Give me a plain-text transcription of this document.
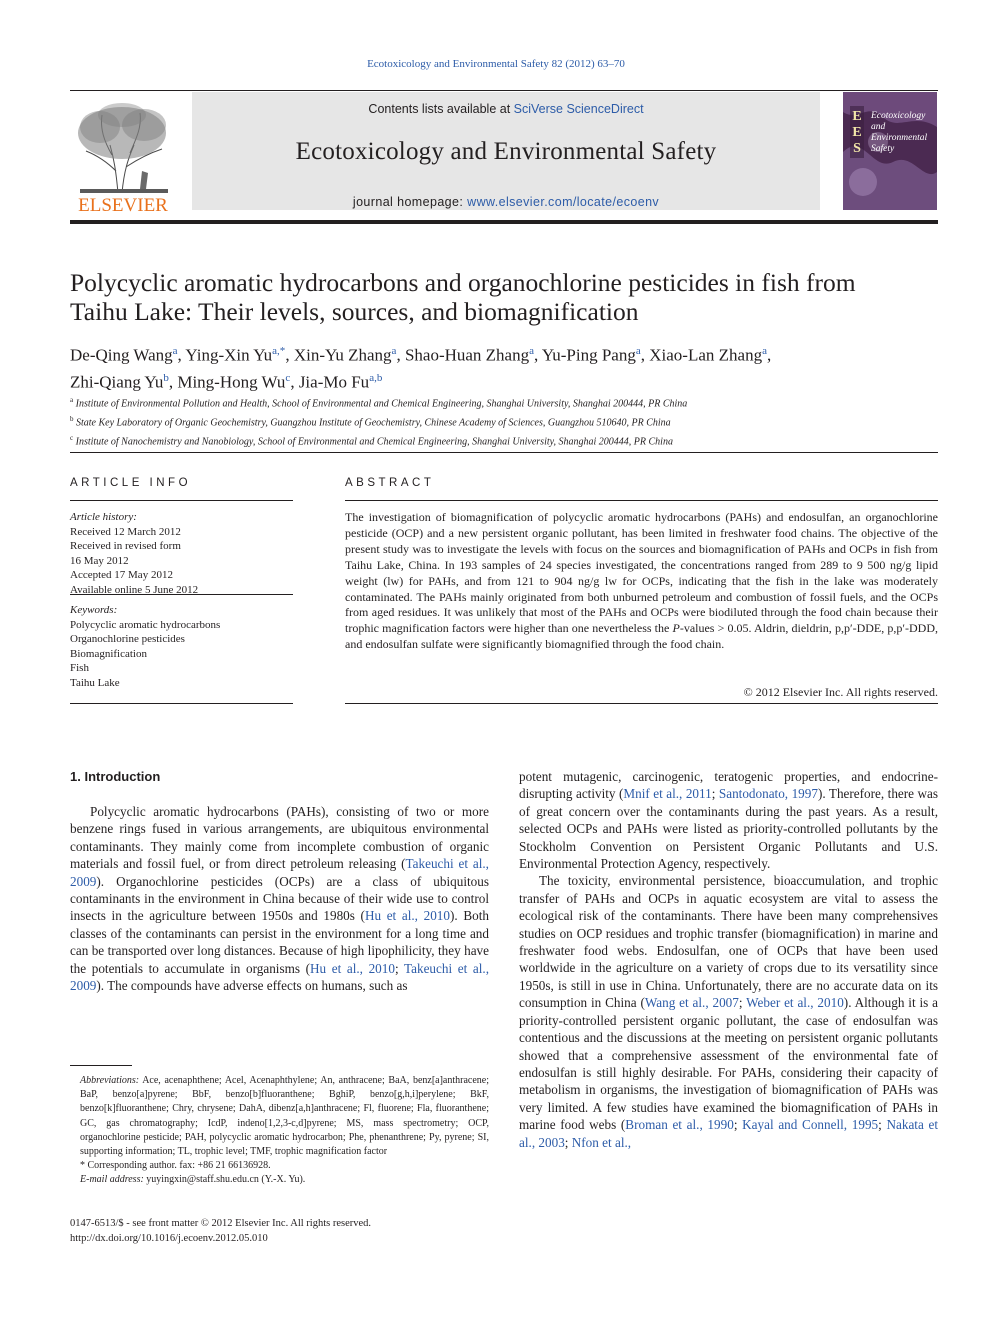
Ecotoxicology and Environmental Safety 82 (2012) 63–70
ELSEVIER
Contents lists available at SciVerse ScienceDirect
Ecotoxicology and Environmental Safety
journal homepage: www.elsevier.com/locate/ecoenv
E
E
S
Ecotoxicology
and
Environmental
Safety
Polycyclic aromatic hydrocarbons and organochlorine pesticides in fish from
Taihu Lake: Their levels, sources, and biomagnification
De-Qing Wang$^a$, Ying-Xin $Yu^{a,*}$, Xin-Yu Zhang$^a$, Shao-Huan Zhang$^a$, Yu-Ping Pang$^a$, Xiao-Lan Zhang$^a$,
Zhi-Qiang Yu$^b$, Ming-Hong Wu$^c$, Jia-Mo Fu$^{a,b}$
$^a$ Institute of Environmental Pollution and Health, School of Environmental and Chemical Engineering, Shanghai University, Shanghai 200444, PR China
$^b$ State Key Laboratory of Organic Geochemistry, Guangzhou Institute of Geochemistry, Chinese Academy of Sciences, Guangzhou 510640, PR China
$^c$ Institute of Nanochemistry and Nanobiology, School of Environmental and Chemical Engineering, Shanghai University, Shanghai 200444, PR China
ARTICLE INFO
Article history:
Received 12 March 2012
Received in revised form
16 May 2012
Accepted 17 May 2012
Available online 5 June 2012
Keywords:
Polycyclic aromatic hydrocarbons
Organochlorine pesticides
Biomagnification
Fish
Taihu Lake
ABSTRACT
The investigation of biomagnification of polycyclic aromatic hydrocarbons (PAHs) and endosulfan, an organochlorine pesticide (OCP) and a new persistent organic pollutant, has been limited in freshwater food chains. The objective of the present study was to investigate the levels with focus on the sources and biomagnification of PAHs and OCPs in fish from Taihu Lake, China. In 193 samples of 24 species investigated, the concentrations ranged from 289 to 9 500 ng/g lipid weight (lw) for PAHs, and from 121 to 904 ng/g lw for OCPs, indicating that the fish in the lake was moderately contaminated. The PAHs mainly originated from both unburned petroleum and combustion of fossil fuels, and the OCPs from aged residues. It was unlikely that most of the PAHs and OCPs were biodiluted through the food chain because their trophic magnification factors were higher than one nevertheless the P-values > 0.05. Aldrin, dieldrin, p,p′-DDE, p,p′-DDD, and endosulfan sulfate were significantly biomagnified through the food chain.
© 2012 Elsevier Inc. All rights reserved.
1. Introduction

Polycyclic aromatic hydrocarbons (PAHs), consisting of two or more benzene rings fused in various arrangements, are ubiquitous environmental contaminants. They mainly come from incomplete combustion of organic materials and fossil fuel, or from direct petroleum releasing (Takeuchi et al., 2009). Organochlorine pesticides (OCPs) are a class of ubiquitous contaminants in the environment in China because of their wide use to control insects in the agriculture between 1950s and 1980s (Hu et al., 2010). Both classes of the contaminants can persist in the environment for a long time and can be transported over long distances. Because of high lipophilicity, they have the potentials to accumulate in organisms (Hu et al., 2010; Takeuchi et al., 2009). The compounds have adverse effects on humans, such as

potent mutagenic, carcinogenic, teratogenic properties, and endocrine-disrupting activity (Mnif et al., 2011; Santodonato, 1997). Therefore, there was of great concern over the contaminants during the past years. As a result, selected OCPs and PAHs were listed as priority-controlled pollutants by the Stockholm Convention on Persistent Organic Pollutants and U.S. Environmental Protection Agency, respectively.

The toxicity, environmental persistence, bioaccumulation, and trophic transfer of PAHs and OCPs in aquatic ecosystem are vital to assess the ecological risk of the contaminants. There have been many comprehensives studies on OCP residues and trophic transfer (biomagnification) in marine and freshwater food webs. Endosulfan, one of OCPs that have been used worldwide in the agriculture on a variety of crops due to its versatility since 1950s, is still in use in China. Unfortunately, there are no accurate data on its consumption in China (Wang et al., 2007; Weber et al., 2010). Although it is a priority-controlled persistent organic pollutant, the case of endosulfan was contentious and the discussions at the meeting on persistent organic pollutants showed that a comprehensive assessment of the environmental fate of endosulfan is still highly desirable. For PAHs, considering their capacity of metabolism in organisms, the investigation of biomagnification of PAHs was very limited. A few studies have examined the biomagnification of PAHs in marine food webs (Broman et al., 1990; Kayal and Connell, 1995; Nakata et al., 2003; Nfon et al.,

Abbreviations: Ace, acenaphthene; Acel, Acenaphthylene; An, anthracene; BaA, benz[a]anthracene; BaP, benzo[a]pyrene; BbF, benzo[b]fluoranthene; BghiP, benzo[g,h,i]perylene; BkF, benzo[k]fluoranthene; Chry, chrysene; DahA, dibenz[a,h]anthracene; Fl, fluorene; Fla, fluoranthene; GC, gas chromatography; IcdP, indeno[1,2,3-c,d]pyrene; MS, mass spectrometry; OCP, organochlorine pesticide; PAH, polycyclic aromatic hydrocarbon; Phe, phenanthrene; Py, pyrene; SI, supporting information; TL, trophic level; TMF, trophic magnification factor

* Corresponding author. fax: +86 21 66136928.

E-mail address: yuyingxin@staff.shu.edu.cn (Y.-X. Yu).

0147-6513/$ - see front matter © 2012 Elsevier Inc. All rights reserved.
http://dx.doi.org/10.1016/j.ecoenv.2012.05.010
